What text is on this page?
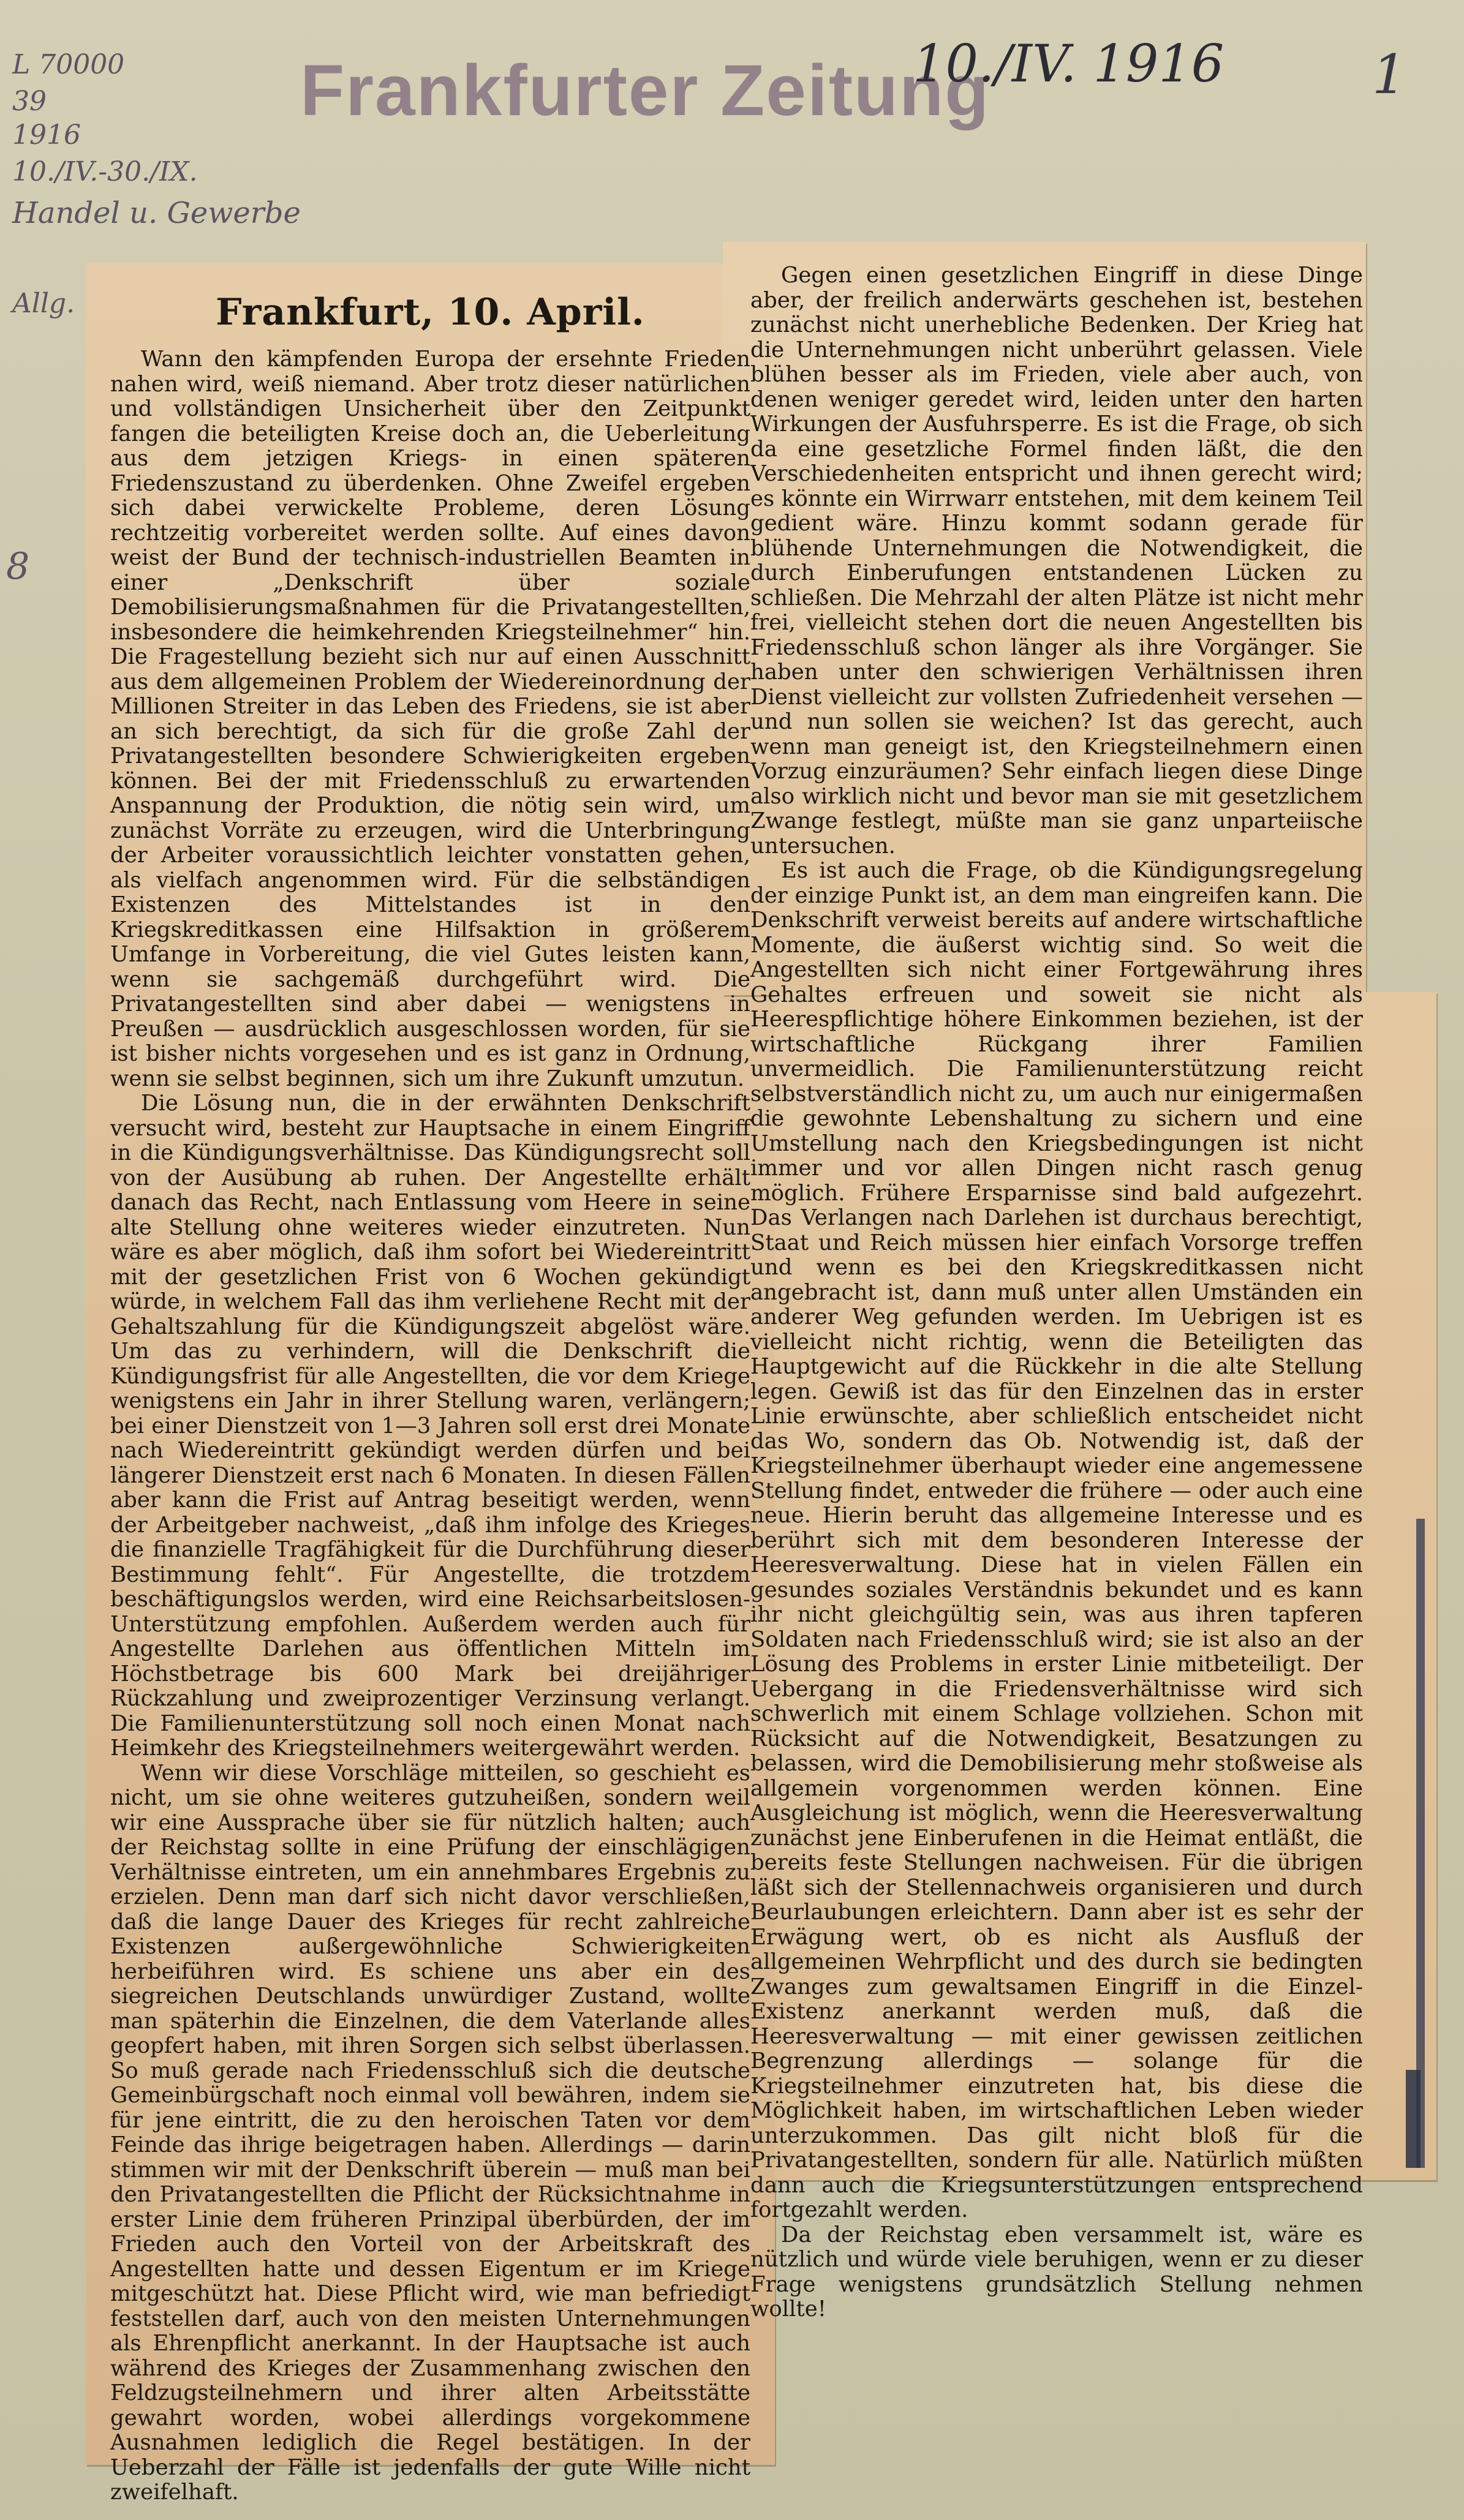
Frankfurter Zeitung
10./IV. 1916	1
L 70000
39
1916
10./IV.-30./IX.
Handel u. Gewerbe
Allg.
8
Frankfurt, 10. April.

Wann den kämpfenden Europa der ersehnte Frieden nahen wird, weiß niemand. Aber trotz dieser natürlichen und vollständigen Unsicherheit über den Zeitpunkt fangen die beteiligten Kreise doch an, die Ueberleitung aus dem jetzigen Kriegs- in einen späteren Friedenszustand zu überdenken. Ohne Zweifel ergeben sich dabei verwickelte Probleme, deren Lösung rechtzeitig vorbereitet werden sollte. Auf eines davon weist der Bund der technisch-industriellen Beamten in einer „Denkschrift über soziale Demobilisierungsmaßnahmen für die Privatangestellten, insbesondere die heimkehrenden Kriegsteilnehmer“ hin. Die Fragestellung bezieht sich nur auf einen Ausschnitt aus dem allgemeinen Problem der Wiedereinordnung der Millionen Streiter in das Leben des Friedens, sie ist aber an sich berechtigt, da sich für die große Zahl der Privatangestellten besondere Schwierigkeiten ergeben können. Bei der mit Friedensschluß zu erwartenden Anspannung der Produktion, die nötig sein wird, um zunächst Vorräte zu erzeugen, wird die Unterbringung der Arbeiter voraussichtlich leichter vonstatten gehen, als vielfach angenommen wird. Für die selbständigen Existenzen des Mittelstandes ist in den Kriegskreditkassen eine Hilfsaktion in größerem Umfange in Vorbereitung, die viel Gutes leisten kann, wenn sie sachgemäß durchgeführt wird. Die Privatangestellten sind aber dabei — wenigstens in Preußen — ausdrücklich ausgeschlossen worden, für sie ist bisher nichts vorgesehen und es ist ganz in Ordnung, wenn sie selbst beginnen, sich um ihre Zukunft umzutun.

Die Lösung nun, die in der erwähnten Denkschrift versucht wird, besteht zur Hauptsache in einem Eingriff in die Kündigungsverhältnisse. Das Kündigungsrecht soll von der Ausübung ab ruhen. Der Angestellte erhält danach das Recht, nach Entlassung vom Heere in seine alte Stellung ohne weiteres wieder einzutreten. Nun wäre es aber möglich, daß ihm sofort bei Wiedereintritt mit der gesetzlichen Frist von 6 Wochen gekündigt würde, in welchem Fall das ihm verliehene Recht mit der Gehaltszahlung für die Kündigungszeit abgelöst wäre. Um das zu verhindern, will die Denkschrift die Kündigungsfrist für alle Angestellten, die vor dem Kriege wenigstens ein Jahr in ihrer Stellung waren, verlängern; bei einer Dienstzeit von 1—3 Jahren soll erst drei Monate nach Wiedereintritt gekündigt werden dürfen und bei längerer Dienstzeit erst nach 6 Monaten. In diesen Fällen aber kann die Frist auf Antrag beseitigt werden, wenn der Arbeitgeber nachweist, „daß ihm infolge des Krieges die finanzielle Tragfähigkeit für die Durchführung dieser Bestimmung fehlt“. Für Angestellte, die trotzdem beschäftigungslos werden, wird eine Reichsarbeitslosen-Unterstützung empfohlen. Außerdem werden auch für Angestellte Darlehen aus öffentlichen Mitteln im Höchstbetrage bis 600 Mark bei dreijähriger Rückzahlung und zweiprozentiger Verzinsung verlangt. Die Familienunterstützung soll noch einen Monat nach Heimkehr des Kriegsteilnehmers weitergewährt werden.

Wenn wir diese Vorschläge mitteilen, so geschieht es nicht, um sie ohne weiteres gutzuheißen, sondern weil wir eine Aussprache über sie für nützlich halten; auch der Reichstag sollte in eine Prüfung der einschlägigen Verhältnisse eintreten, um ein annehmbares Ergebnis zu erzielen. Denn man darf sich nicht davor verschließen, daß die lange Dauer des Krieges für recht zahlreiche Existenzen außergewöhnliche Schwierigkeiten herbeiführen wird. Es schiene uns aber ein des siegreichen Deutschlands unwürdiger Zustand, wollte man späterhin die Einzelnen, die dem Vaterlande alles geopfert haben, mit ihren Sorgen sich selbst überlassen. So muß gerade nach Friedensschluß sich die deutsche Gemeinbürgschaft noch einmal voll bewähren, indem sie für jene eintritt, die zu den heroischen Taten vor dem Feinde das ihrige beigetragen haben. Allerdings — darin stimmen wir mit der Denkschrift überein — muß man bei den Privatangestellten die Pflicht der Rücksichtnahme in erster Linie dem früheren Prinzipal überbürden, der im Frieden auch den Vorteil von der Arbeitskraft des Angestellten hatte und dessen Eigentum er im Kriege mitgeschützt hat. Diese Pflicht wird, wie man befriedigt feststellen darf, auch von den meisten Unternehmungen als Ehrenpflicht anerkannt. In der Hauptsache ist auch während des Krieges der Zusammenhang zwischen den Feldzugsteilnehmern und ihrer alten Arbeitsstätte gewahrt worden, wobei allerdings vorgekommene Ausnahmen lediglich die Regel bestätigen. In der Ueberzahl der Fälle ist jedenfalls der gute Wille nicht zweifelhaft.

Gegen einen gesetzlichen Eingriff in diese Dinge aber, der freilich anderwärts geschehen ist, bestehen zunächst nicht unerhebliche Bedenken. Der Krieg hat die Unternehmungen nicht unberührt gelassen. Viele blühen besser als im Frieden, viele aber auch, von denen weniger geredet wird, leiden unter den harten Wirkungen der Ausfuhrsperre. Es ist die Frage, ob sich da eine gesetzliche Formel finden läßt, die den Verschiedenheiten entspricht und ihnen gerecht wird; es könnte ein Wirrwarr entstehen, mit dem keinem Teil gedient wäre. Hinzu kommt sodann gerade für blühende Unternehmungen die Notwendigkeit, die durch Einberufungen entstandenen Lücken zu schließen. Die Mehrzahl der alten Plätze ist nicht mehr frei, vielleicht stehen dort die neuen Angestellten bis Friedensschluß schon länger als ihre Vorgänger. Sie haben unter den schwierigen Verhältnissen ihren Dienst vielleicht zur vollsten Zufriedenheit versehen — und nun sollen sie weichen? Ist das gerecht, auch wenn man geneigt ist, den Kriegsteilnehmern einen Vorzug einzuräumen? Sehr einfach liegen diese Dinge also wirklich nicht und bevor man sie mit gesetzlichem Zwange festlegt, müßte man sie ganz unparteiische untersuchen.

Es ist auch die Frage, ob die Kündigungsregelung der einzige Punkt ist, an dem man eingreifen kann. Die Denkschrift verweist bereits auf andere wirtschaftliche Momente, die äußerst wichtig sind. So weit die Angestellten sich nicht einer Fortgewährung ihres Gehaltes erfreuen und soweit sie nicht als Heerespflichtige höhere Einkommen beziehen, ist der wirtschaftliche Rückgang ihrer Familien unvermeidlich. Die Familienunterstützung reicht selbstverständlich nicht zu, um auch nur einigermaßen die gewohnte Lebenshaltung zu sichern und eine Umstellung nach den Kriegsbedingungen ist nicht immer und vor allen Dingen nicht rasch genug möglich. Frühere Ersparnisse sind bald aufgezehrt. Das Verlangen nach Darlehen ist durchaus berechtigt, Staat und Reich müssen hier einfach Vorsorge treffen und wenn es bei den Kriegskreditkassen nicht angebracht ist, dann muß unter allen Umständen ein anderer Weg gefunden werden. Im Uebrigen ist es vielleicht nicht richtig, wenn die Beteiligten das Hauptgewicht auf die Rückkehr in die alte Stellung legen. Gewiß ist das für den Einzelnen das in erster Linie erwünschte, aber schließlich entscheidet nicht das Wo, sondern das Ob. Notwendig ist, daß der Kriegsteilnehmer überhaupt wieder eine angemessene Stellung findet, entweder die frühere — oder auch eine neue. Hierin beruht das allgemeine Interesse und es berührt sich mit dem besonderen Interesse der Heeresverwaltung. Diese hat in vielen Fällen ein gesundes soziales Verständnis bekundet und es kann ihr nicht gleichgültig sein, was aus ihren tapferen Soldaten nach Friedensschluß wird; sie ist also an der Lösung des Problems in erster Linie mitbeteiligt. Der Uebergang in die Friedensverhältnisse wird sich schwerlich mit einem Schlage vollziehen. Schon mit Rücksicht auf die Notwendigkeit, Besatzungen zu belassen, wird die Demobilisierung mehr stoßweise als allgemein vorgenommen werden können. Eine Ausgleichung ist möglich, wenn die Heeresverwaltung zunächst jene Einberufenen in die Heimat entläßt, die bereits feste Stellungen nachweisen. Für die übrigen läßt sich der Stellennachweis organisieren und durch Beurlaubungen erleichtern. Dann aber ist es sehr der Erwägung wert, ob es nicht als Ausfluß der allgemeinen Wehrpflicht und des durch sie bedingten Zwanges zum gewaltsamen Eingriff in die Einzel-Existenz anerkannt werden muß, daß die Heeresverwaltung — mit einer gewissen zeitlichen Begrenzung allerdings — solange für die Kriegsteilnehmer einzutreten hat, bis diese die Möglichkeit haben, im wirtschaftlichen Leben wieder unterzukommen. Das gilt nicht bloß für die Privatangestellten, sondern für alle. Natürlich müßten dann auch die Kriegsunterstützungen entsprechend fortgezahlt werden.

Da der Reichstag eben versammelt ist, wäre es nützlich und würde viele beruhigen, wenn er zu dieser Frage wenigstens grundsätzlich Stellung nehmen wollte!
